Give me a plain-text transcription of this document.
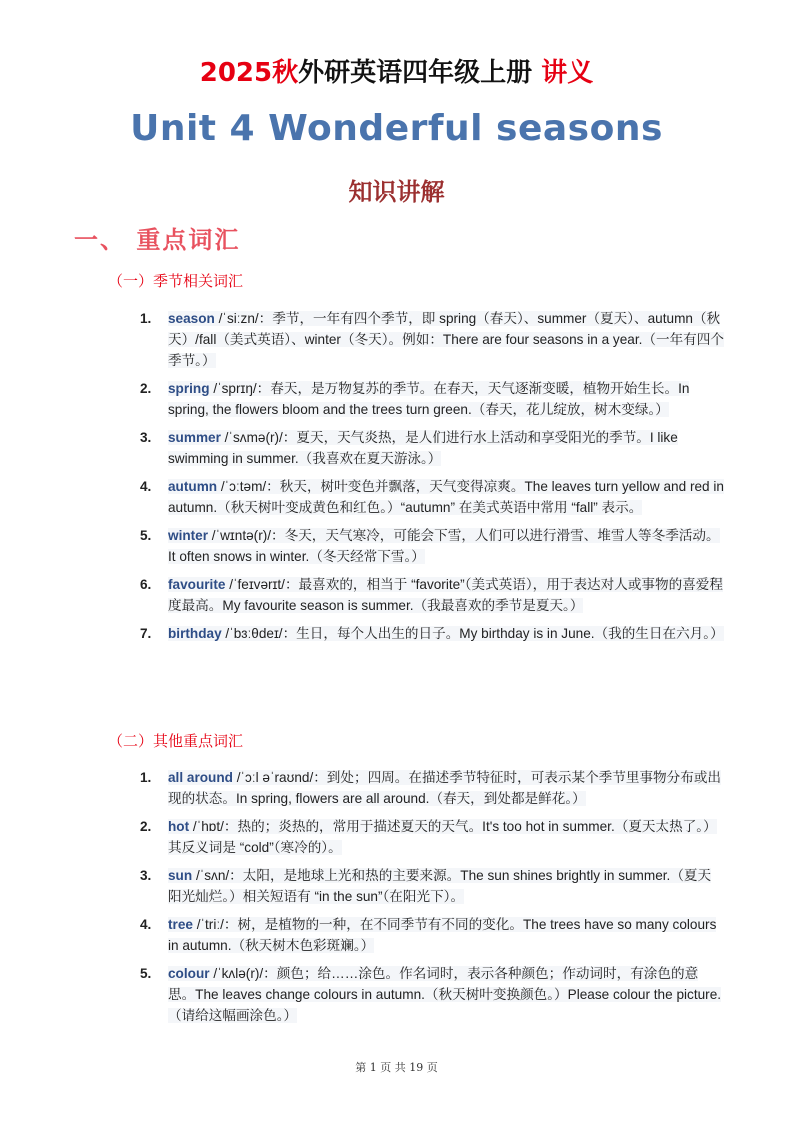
2025秋外研英语四年级上册 讲义
Unit 4 Wonderful seasons
知识讲解
一、 重点词汇
（一）季节相关词汇
1. season /ˈsiːzn/：季节，一年有四个季节，即 spring（春天）、summer（夏天）、autumn（秋天）/fall（美式英语）、winter（冬天）。例如：There are four seasons in a year.（一年有四个季节。）
2. spring /ˈsprɪŋ/：春天，是万物复苏的季节。在春天，天气逐渐变暖，植物开始生长。In spring, the flowers bloom and the trees turn green.（春天，花儿绽放，树木变绿。）
3. summer /ˈsʌmə(r)/：夏天，天气炎热，是人们进行水上活动和享受阳光的季节。I like swimming in summer.（我喜欢在夏天游泳。）
4. autumn /ˈɔːtəm/：秋天，树叶变色并飘落，天气变得凉爽。The leaves turn yellow and red in autumn.（秋天树叶变成黄色和红色。）“autumn” 在美式英语中常用 “fall” 表示。
5. winter /ˈwɪntə(r)/：冬天，天气寒冷，可能会下雪，人们可以进行滑雪、堆雪人等冬季活动。It often snows in winter.（冬天经常下雪。）
6. favourite /ˈfeɪvərɪt/：最喜欢的，相当于 “favorite”（美式英语），用于表达对人或事物的喜爱程度最高。My favourite season is summer.（我最喜欢的季节是夏天。）
7. birthday /ˈbɜːθdeɪ/：生日，每个人出生的日子。My birthday is in June.（我的生日在六月。）
（二）其他重点词汇
1. all around /ˈɔːl əˈraʊnd/：到处；四周。在描述季节特征时，可表示某个季节里事物分布或出现的状态。In spring, flowers are all around.（春天，到处都是鲜花。）
2. hot /ˈhɒt/：热的；炎热的，常用于描述夏天的天气。It's too hot in summer.（夏天太热了。）其反义词是 “cold”（寒冷的）。
3. sun /ˈsʌn/：太阳，是地球上光和热的主要来源。The sun shines brightly in summer.（夏天阳光灿烂。）相关短语有 “in the sun”（在阳光下）。
4. tree /ˈtriː/：树，是植物的一种，在不同季节有不同的变化。The trees have so many colours in autumn.（秋天树木色彩斑斓。）
5. colour /ˈkʌlə(r)/：颜色；给……涂色。作名词时，表示各种颜色；作动词时，有涂色的意思。The leaves change colours in autumn.（秋天树叶变换颜色。）Please colour the picture.（请给这幅画涂色。）
第 1 页 共 19 页
